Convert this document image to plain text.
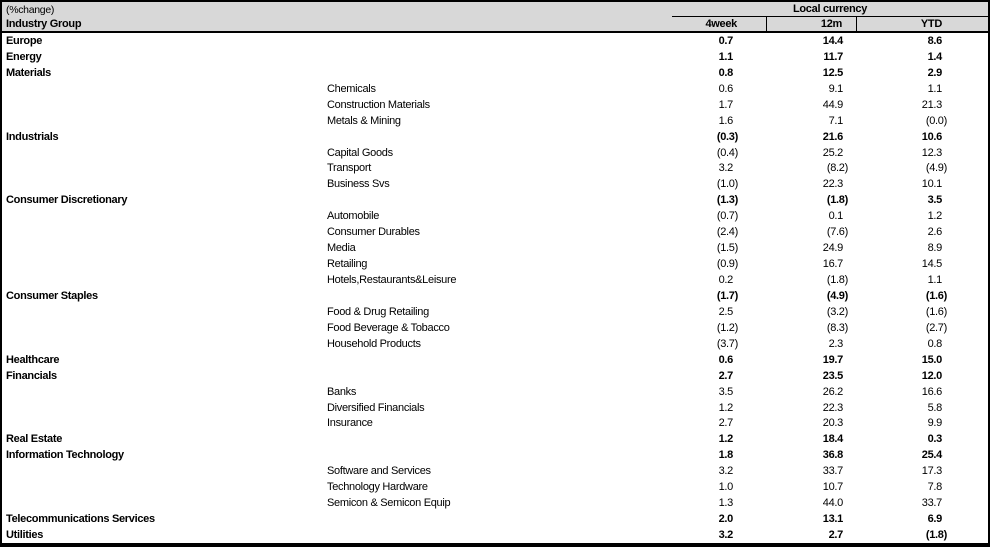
(%change)	Local currency
Industry Group	4week	12m	YTD
Europe	0.7	14.4	8.6
Energy	1.1	11.7	1.4
Materials	0.8	12.5	2.9
Chemicals	0.6	9.1	1.1
Construction Materials	1.7	44.9	21.3
Metals & Mining	1.6	7.1	(0.0)
Industrials	(0.3)	21.6	10.6
Capital Goods	(0.4)	25.2	12.3
Transport	3.2	(8.2)	(4.9)
Business Svs	(1.0)	22.3	10.1
Consumer Discretionary	(1.3)	(1.8)	3.5
Automobile	(0.7)	0.1	1.2
Consumer Durables	(2.4)	(7.6)	2.6
Media	(1.5)	24.9	8.9
Retailing	(0.9)	16.7	14.5
Hotels,Restaurants&Leisure	0.2	(1.8)	1.1
Consumer Staples	(1.7)	(4.9)	(1.6)
Food & Drug Retailing	2.5	(3.2)	(1.6)
Food Beverage & Tobacco	(1.2)	(8.3)	(2.7)
Household Products	(3.7)	2.3	0.8
Healthcare	0.6	19.7	15.0
Financials	2.7	23.5	12.0
Banks	3.5	26.2	16.6
Diversified Financials	1.2	22.3	5.8
Insurance	2.7	20.3	9.9
Real Estate	1.2	18.4	0.3
Information Technology	1.8	36.8	25.4
Software and Services	3.2	33.7	17.3
Technology Hardware	1.0	10.7	7.8
Semicon & Semicon Equip	1.3	44.0	33.7
Telecommunications Services	2.0	13.1	6.9
Utilities	3.2	2.7	(1.8)
